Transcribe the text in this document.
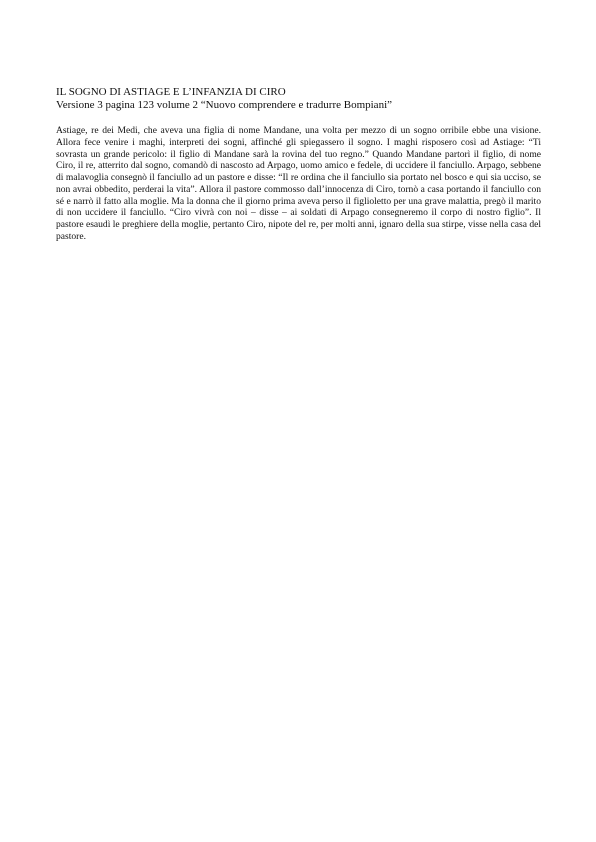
IL SOGNO DI ASTIAGE E L’INFANZIA DI CIRO

Versione 3 pagina 123 volume 2 “Nuovo comprendere e tradurre Bompiani”

Astiage, re dei Medi, che aveva una figlia di nome Mandane, una volta per mezzo di un sogno orribile ebbe una visione. Allora fece venire i maghi, interpreti dei sogni, affinché gli spiegassero il sogno. I maghi risposero così ad Astiage: “Ti sovrasta un grande pericolo: il figlio di Mandane sarà la rovina del tuo regno.” Quando Mandane partorì il figlio, di nome Ciro, il re, atterrito dal sogno, comandò di nascosto ad Arpago, uomo amico e fedele, di uccidere il fanciullo. Arpago, sebbene di malavoglia consegnò il fanciullo ad un pastore e disse: “Il re ordina che il fanciullo sia portato nel bosco e qui sia ucciso, se non avrai obbedito, perderai la vita”. Allora il pastore commosso dall’innocenza di Ciro, tornò a casa portando il fanciullo con sé e narrò il fatto alla moglie. Ma la donna che il giorno prima aveva perso il figlioletto per una grave malattia, pregò il marito di non uccidere il fanciullo. “Ciro vivrà con noi – disse – ai soldati di Arpago consegneremo il corpo di nostro figlio”. Il pastore esaudì le preghiere della moglie, pertanto Ciro, nipote del re, per molti anni, ignaro della sua stirpe, visse nella casa del pastore.
